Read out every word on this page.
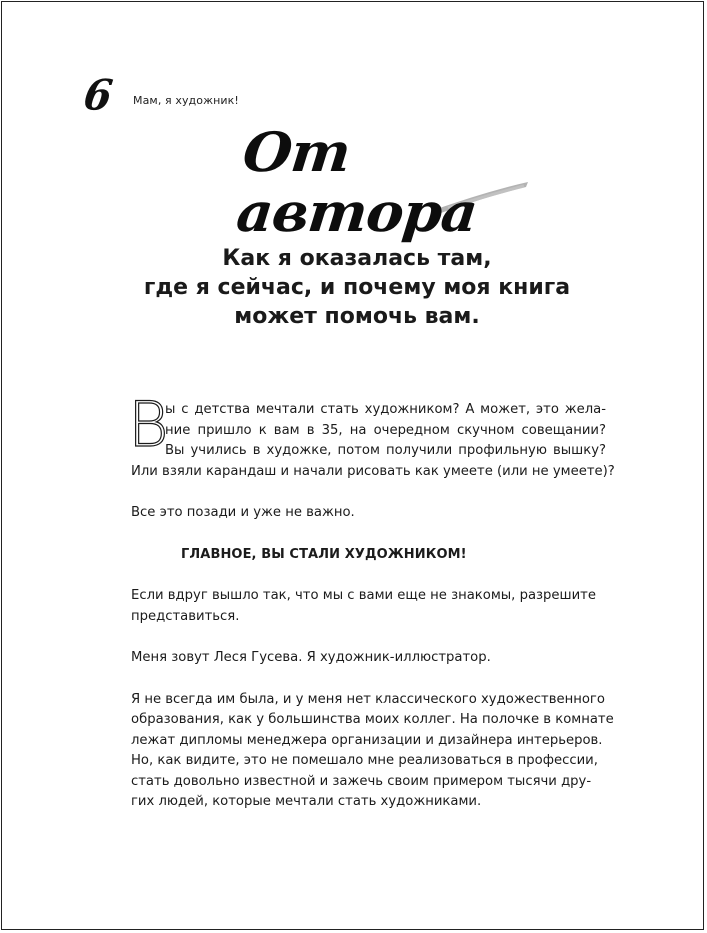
6 Мам, я художник!
От автора
Как я оказалась там,
где я сейчас, и почему моя книга
может помочь вам.
В
ы с детства мечтали стать художником? А может, это жела-
ние пришло к вам в 35, на очередном скучном совещании?
Вы учились в художке, потом получили профильную вышку?
Или взяли карандаш и начали рисовать как умеете (или не умеете)?

Все это позади и уже не важно.

ГЛАВНОЕ, ВЫ СТАЛИ ХУДОЖНИКОМ!

Если вдруг вышло так, что мы с вами еще не знакомы, разрешите
представиться.

Меня зовут Леся Гусева. Я художник-иллюстратор.

Я не всегда им была, и у меня нет классического художественного
образования, как у большинства моих коллег. На полочке в комнате
лежат дипломы менеджера организации и дизайнера интерьеров.
Но, как видите, это не помешало мне реализоваться в профессии,
стать довольно известной и зажечь своим примером тысячи дру-
гих людей, которые мечтали стать художниками.
